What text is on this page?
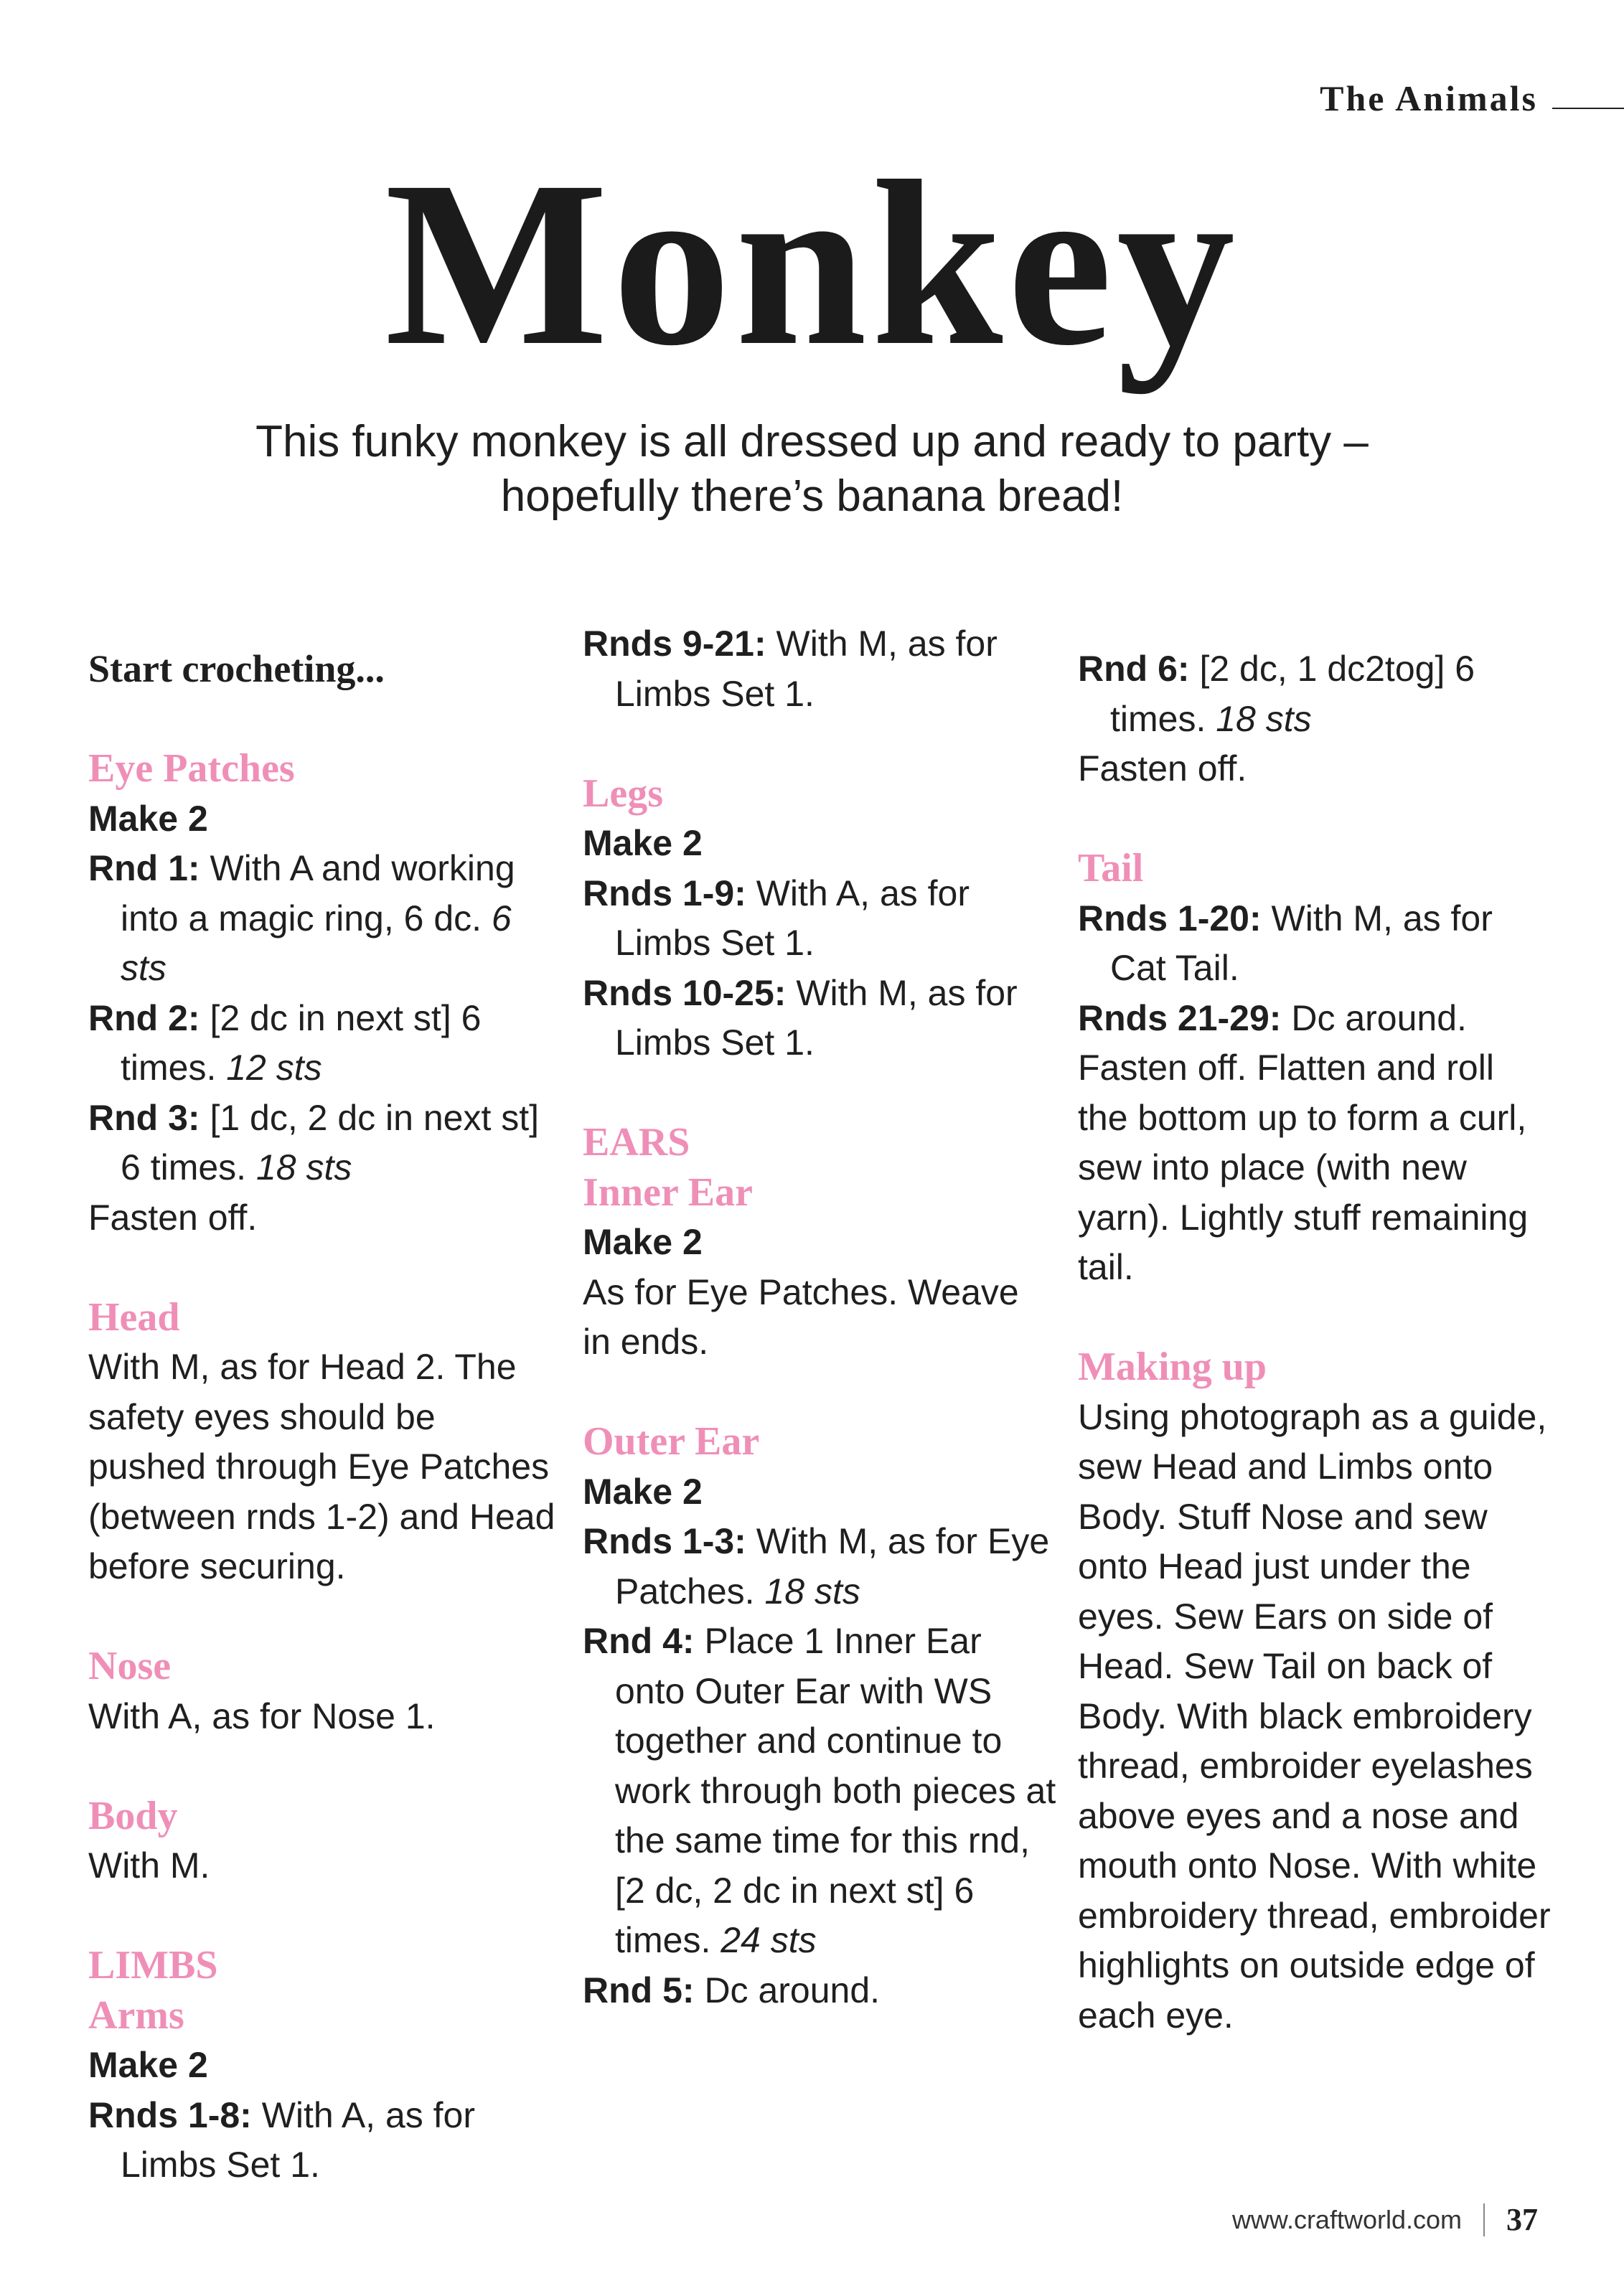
The Animals
Monkey
This funky monkey is all dressed up and ready to party – hopefully there’s banana bread!

Start crocheting...

Eye Patches

Make 2

Rnd 1: With A and working into a magic ring, 6 dc. 6 sts

Rnd 2: [2 dc in next st] 6 times. 12 sts

Rnd 3: [1 dc, 2 dc in next st] 6 times. 18 sts

Fasten off.

Head

With M, as for Head 2. The safety eyes should be pushed through Eye Patches (between rnds 1-2) and Head before securing.

Nose

With A, as for Nose 1.

Body

With M.

LIMBS

Arms

Make 2

Rnds 1-8: With A, as for Limbs Set 1.

Rnds 9-21: With M, as for Limbs Set 1.

Legs

Make 2

Rnds 1-9: With A, as for Limbs Set 1.

Rnds 10-25: With M, as for Limbs Set 1.

EARS

Inner Ear

Make 2

As for Eye Patches. Weave in ends.

Outer Ear

Make 2

Rnds 1-3: With M, as for Eye Patches. 18 sts

Rnd 4: Place 1 Inner Ear onto Outer Ear with WS together and continue to work through both pieces at the same time for this rnd, [2 dc, 2 dc in next st] 6 times. 24 sts

Rnd 5: Dc around.

Rnd 6: [2 dc, 1 dc2tog] 6 times. 18 sts

Fasten off.

Tail

Rnds 1-20: With M, as for Cat Tail.

Rnds 21-29: Dc around.

Fasten off. Flatten and roll the bottom up to form a curl, sew into place (with new yarn). Lightly stuff remaining tail.

Making up

Using photograph as a guide, sew Head and Limbs onto Body. Stuff Nose and sew onto Head just under the eyes. Sew Ears on side of Head. Sew Tail on back of Body. With black embroidery thread, embroider eyelashes above eyes and a nose and mouth onto Nose. With white embroidery thread, embroider highlights on outside edge of each eye.

www.craftworld.com 37
